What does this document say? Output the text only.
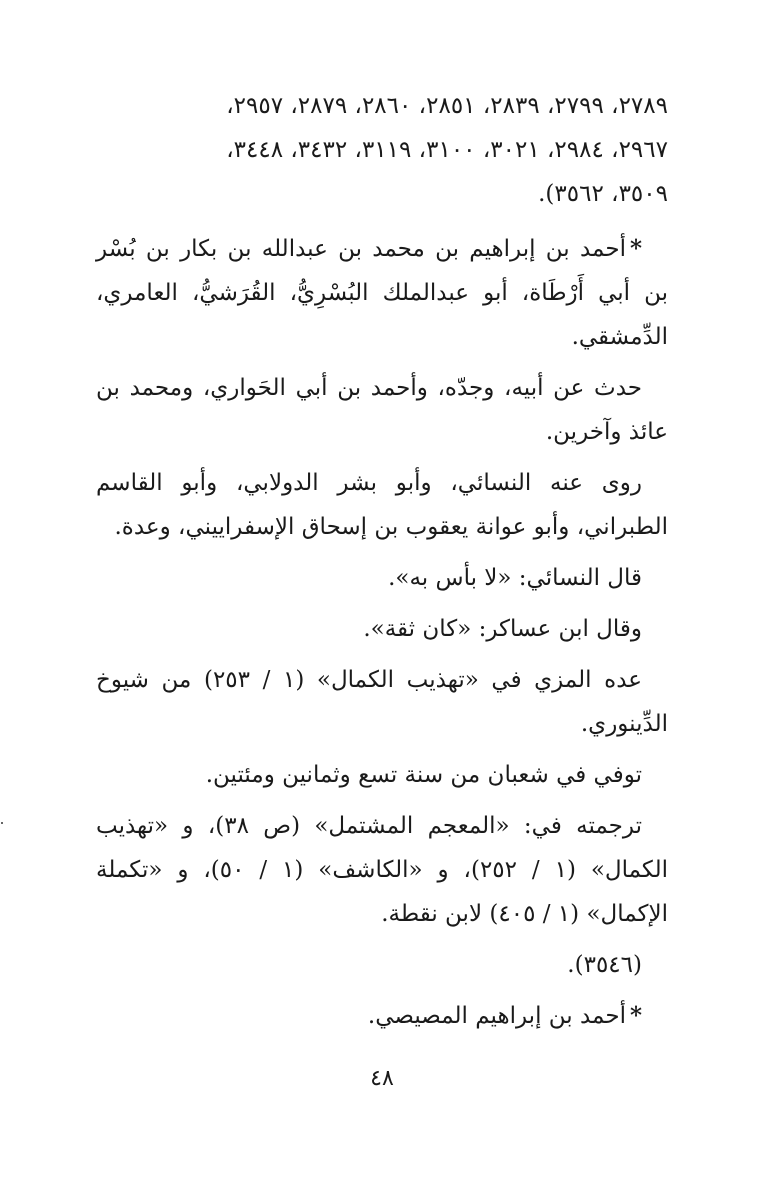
٢٧٨٩، ٢٧٩٩، ٢٨٣٩، ٢٨٥١، ٢٨٦٠، ٢٨٧٩، ٢٩٥٧،
٢٩٦٧، ٢٩٨٤، ٣٠٢١، ٣١٠٠، ٣١١٩، ٣٤٣٢، ٣٤٤٨،
٣٥٠٩، ٣٥٦٢).

*أحمد بن إبراهيم بن محمد بن عبدالله بن بكار بن بُسْر بن أبي أَرْطَاة، أبو عبدالملك البُسْرِيُّ، القُرَشيُّ، العامري، الدِّمشقي.

حدث عن أبيه، وجدّه، وأحمد بن أبي الحَواري، ومحمد بن عائذ وآخرين.

روى عنه النسائي، وأبو بشر الدولابي، وأبو القاسم الطبراني، وأبو عوانة يعقوب بن إسحاق الإسفراييني، وعدة.

قال النسائي: «لا بأس به».

وقال ابن عساكر: «كان ثقة».

عده المزي في «تهذيب الكمال» (١ / ٢٥٣) من شيوخ الدِّينوري.

توفي في شعبان من سنة تسع وثمانين ومئتين.

ترجمته في: «المعجم المشتمل» (ص ٣٨)، و «تهذيب الكمال» (١ / ٢٥٢)، و «الكاشف» (١ / ٥٠)، و «تكملة الإكمال» (١ / ٤٠٥) لابن نقطة.

(٣٥٤٦).

*أحمد بن إبراهيم المصيصي.

٤٨
